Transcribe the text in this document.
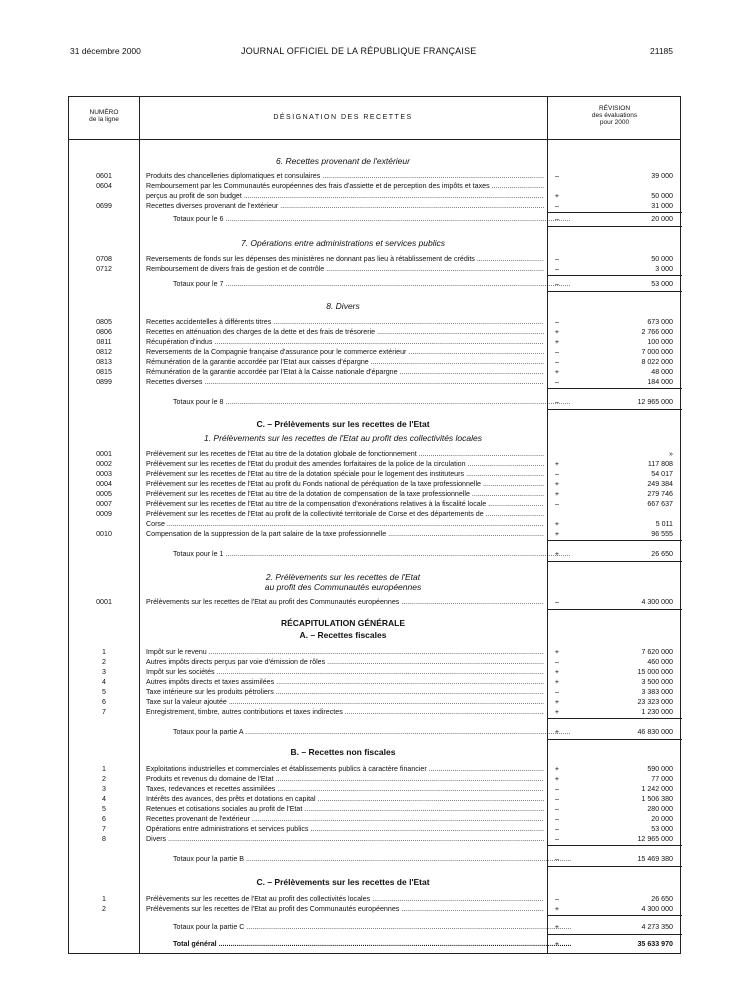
31 décembre 2000	JOURNAL OFFICIEL DE LA RÉPUBLIQUE FRANÇAISE	21185
NUMÉRO
de la ligne	DÉSIGNATION DES RECETTES
RÉVISION
des évaluations
pour 2000
6. Recettes provenant de l'extérieur
0601	Produits des chancelleries diplomatiques et consulaires .....	–	39 000
0604	Remboursement par les Communautés européennes des frais d'assiette et de perception des impôts et taxes .....
perçus au profit de son budget .....	+	50 000
0699	Recettes diverses provenant de l'extérieur .....	–	31 000
Totaux pour le 6 .....	–	20 000
7. Opérations entre administrations et services publics
0708	Reversements de fonds sur les dépenses des ministères ne donnant pas lieu à rétablissement de crédits .....	–	50 000
0712	Remboursement de divers frais de gestion et de contrôle .....	–	3 000
Totaux pour le 7 .....	–	53 000
8. Divers
0805	Recettes accidentelles à différents titres .....	–	673 000
0806	Recettes en atténuation des charges de la dette et des frais de trésorerie .....	+	2 766 000
0811	Récupération d'indus .....	+	100 000
0812	Reversements de la Compagnie française d'assurance pour le commerce extérieur .....	–	7 000 000
0813	Rémunération de la garantie accordée par l'Etat aux caisses d'épargne .....	–	8 022 000
0815	Rémunération de la garantie accordée par l'Etat à la Caisse nationale d'épargne .....	+	48 000
0899	Recettes diverses .....	–	184 000
Totaux pour le 8 .....	–	12 965 000
C. – Prélèvements sur les recettes de l'Etat
1. Prélèvements sur les recettes de l'Etat au profit des collectivités locales
0001	Prélèvement sur les recettes de l'Etat au titre de la dotation globale de fonctionnement .....	»
0002	Prélèvement sur les recettes de l'Etat du produit des amendes forfaitaires de la police de la circulation .....	+	117 808
0003	Prélèvement sur les recettes de l'Etat au titre de la dotation spéciale pour le logement des instituteurs .....	–	54 017
0004	Prélèvement sur les recettes de l'Etat au profit du Fonds national de péréquation de la taxe professionnelle .....	+	249 384
0005	Prélèvement sur les recettes de l'Etat au titre de la dotation de compensation de la taxe professionnelle .....	+	279 746
0007	Prélèvement sur les recettes de l'Etat au titre de la compensation d'exonérations relatives à la fiscalité locale .....	–	667 637
0009	Prélèvement sur les recettes de l'Etat au profit de la collectivité territoriale de Corse et des départements de .....
Corse .....	+	5 011
0010	Compensation de la suppression de la part salaire de la taxe professionnelle .....	+	96 555
Totaux pour le 1 .....	+	26 650
2. Prélèvements sur les recettes de l'Etat
au profit des Communautés européennes
0001	Prélèvements sur les recettes de l'Etat au profit des Communautés européennes .....	–	4 300 000
RÉCAPITULATION GÉNÉRALE
A. – Recettes fiscales
1	Impôt sur le revenu .....	+	7 620 000
2	Autres impôts directs perçus par voie d'émission de rôles .....	–	460 000
3	Impôt sur les sociétés .....	+	15 000 000
4	Autres impôts directs et taxes assimilées .....	+	3 500 000
5	Taxe intérieure sur les produits pétroliers .....	–	3 383 000
6	Taxe sur la valeur ajoutée .....	+	23 323 000
7	Enregistrement, timbre, autres contributions et taxes indirectes .....	+	1 230 000
Totaux pour la partie A .....	+	46 830 000
B. – Recettes non fiscales
1	Exploitations industrielles et commerciales et établissements publics à caractère financier .....	+	590 000
2	Produits et revenus du domaine de l'Etat .....	+	77 000
3	Taxes, redevances et recettes assimilées .....	–	1 242 000
4	Intérêts des avances, des prêts et dotations en capital .....	–	1 506 380
5	Retenues et cotisations sociales au profit de l'Etat .....	–	280 000
6	Recettes provenant de l'extérieur .....	–	20 000
7	Opérations entre administrations et services publics .....	–	53 000
8	Divers .....	–	12 965 000
Totaux pour la partie B .....	–	15 469 380
C. – Prélèvements sur les recettes de l'Etat
1	Prélèvements sur les recettes de l'Etat au profit des collectivités locales .....	–	26 650
2	Prélèvements sur les recettes de l'Etat au profit des Communautés européennes .....	+	4 300 000
Totaux pour la partie C .....	+	4 273 350
Total général .....	+	35 633 970
